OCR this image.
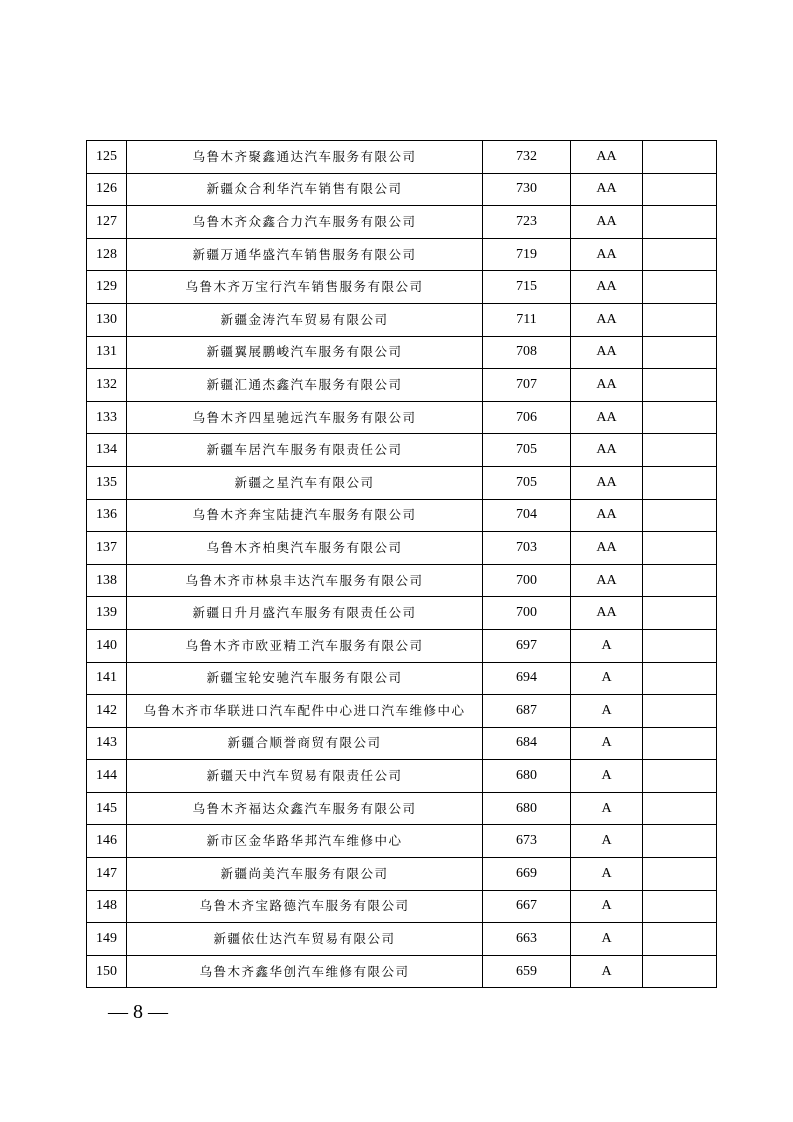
125	乌鲁木齐聚鑫通达汽车服务有限公司	732	AA	
126	新疆众合利华汽车销售有限公司	730	AA	
127	乌鲁木齐众鑫合力汽车服务有限公司	723	AA	
128	新疆万通华盛汽车销售服务有限公司	719	AA	
129	乌鲁木齐万宝行汽车销售服务有限公司	715	AA	
130	新疆金涛汽车贸易有限公司	711	AA	
131	新疆翼展鹏峻汽车服务有限公司	708	AA	
132	新疆汇通杰鑫汽车服务有限公司	707	AA	
133	乌鲁木齐四星驰远汽车服务有限公司	706	AA	
134	新疆车居汽车服务有限责任公司	705	AA	
135	新疆之星汽车有限公司	705	AA	
136	乌鲁木齐奔宝陆捷汽车服务有限公司	704	AA	
137	乌鲁木齐柏奥汽车服务有限公司	703	AA	
138	乌鲁木齐市林泉丰达汽车服务有限公司	700	AA	
139	新疆日升月盛汽车服务有限责任公司	700	AA	
140	乌鲁木齐市欧亚精工汽车服务有限公司	697	A	
141	新疆宝轮安驰汽车服务有限公司	694	A	
142	乌鲁木齐市华联进口汽车配件中心进口汽车维修中心	687	A	
143	新疆合顺誉商贸有限公司	684	A	
144	新疆天中汽车贸易有限责任公司	680	A	
145	乌鲁木齐福达众鑫汽车服务有限公司	680	A	
146	新市区金华路华邦汽车维修中心	673	A	
147	新疆尚美汽车服务有限公司	669	A	
148	乌鲁木齐宝路德汽车服务有限公司	667	A	
149	新疆依仕达汽车贸易有限公司	663	A	
150	乌鲁木齐鑫华创汽车维修有限公司	659	A	
— 8 —
